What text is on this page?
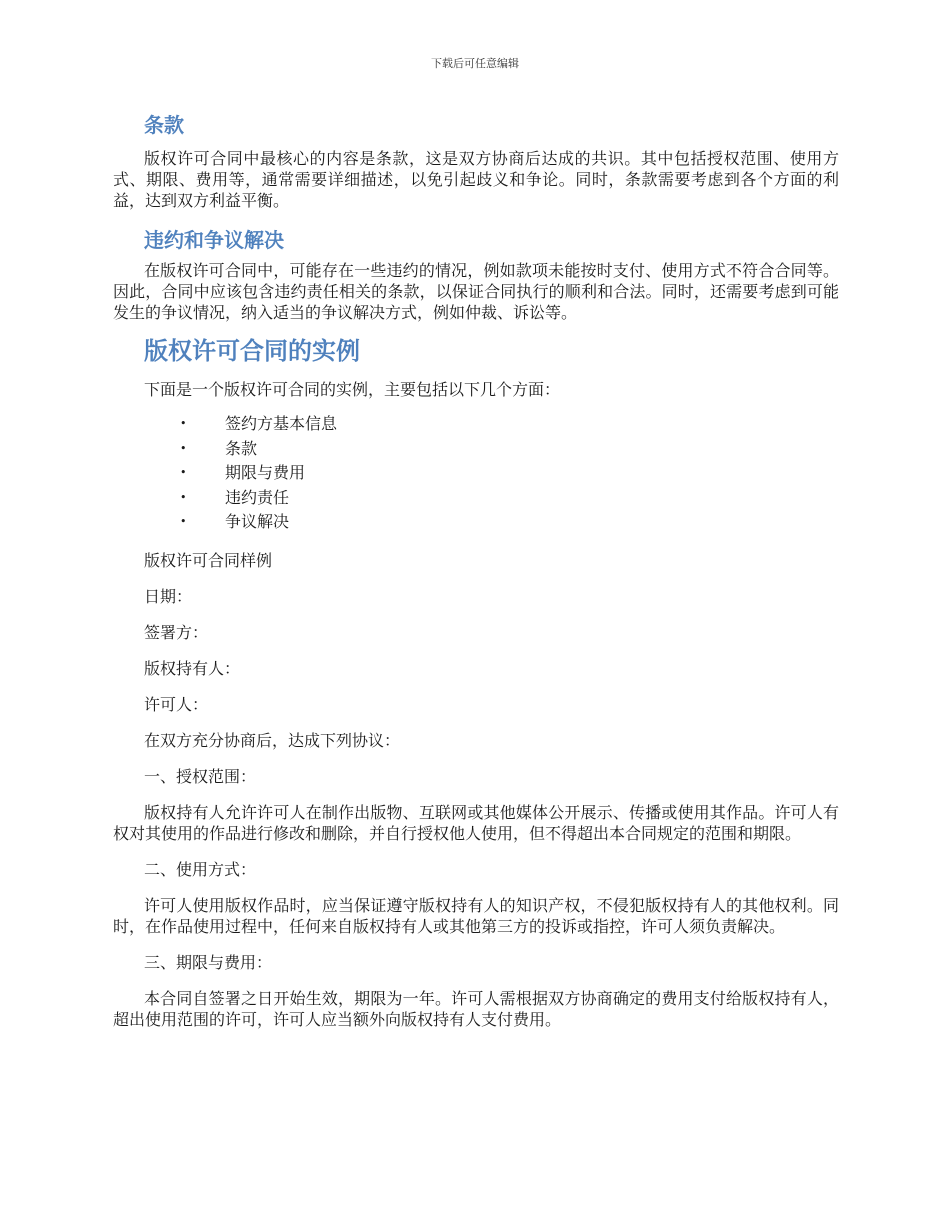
下载后可任意编辑
条款

版权许可合同中最核心的内容是条款，这是双方协商后达成的共识。其中包括授权范围、使用方式、期限、费用等，通常需要详细描述，以免引起歧义和争论。同时，条款需要考虑到各个方面的利益，达到双方利益平衡。

违约和争议解决

在版权许可合同中，可能存在一些违约的情况，例如款项未能按时支付、使用方式不符合合同等。因此，合同中应该包含违约责任相关的条款，以保证合同执行的顺利和合法。同时，还需要考虑到可能发生的争议情况，纳入适当的争议解决方式，例如仲裁、诉讼等。

版权许可合同的实例

下面是一个版权许可合同的实例，主要包括以下几个方面：

• 签约方基本信息
• 条款
• 期限与费用
• 违约责任
• 争议解决

版权许可合同样例

日期：

签署方：

版权持有人：

许可人：

在双方充分协商后，达成下列协议：

一、授权范围：

版权持有人允许许可人在制作出版物、互联网或其他媒体公开展示、传播或使用其作品。许可人有权对其使用的作品进行修改和删除，并自行授权他人使用，但不得超出本合同规定的范围和期限。

二、使用方式：

许可人使用版权作品时，应当保证遵守版权持有人的知识产权，不侵犯版权持有人的其他权利。同时，在作品使用过程中，任何来自版权持有人或其他第三方的投诉或指控，许可人须负责解决。

三、期限与费用：

本合同自签署之日开始生效，期限为一年。许可人需根据双方协商确定的费用支付给版权持有人，超出使用范围的许可，许可人应当额外向版权持有人支付费用。
